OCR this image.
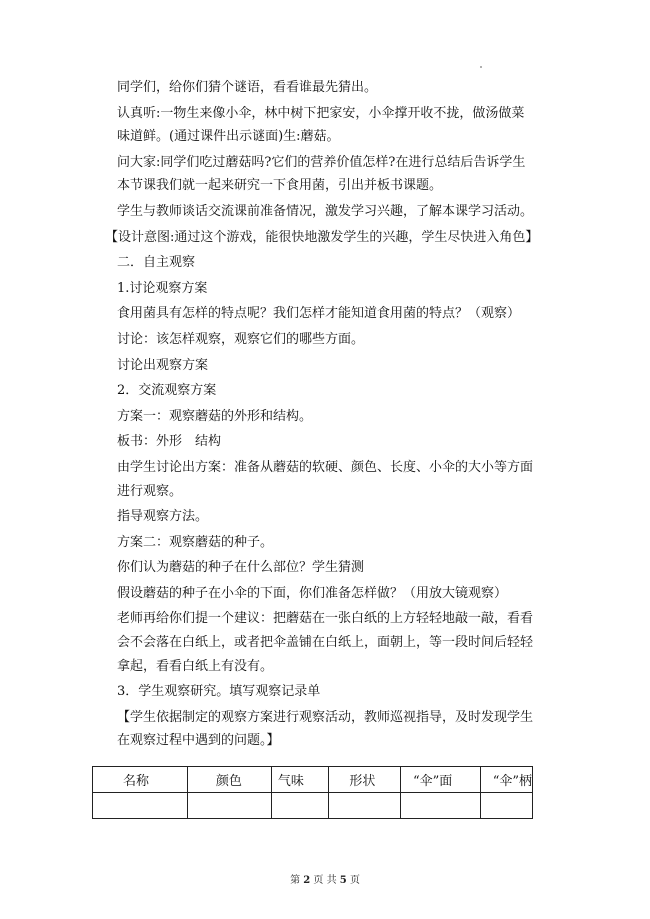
同学们，给你们猜个谜语，看看谁最先猜出。

认真听:一物生来像小伞，林中树下把家安，小伞撑开收不拢，做汤做菜味道鲜。(通过课件出示谜面)生:蘑菇。

问大家:同学们吃过蘑菇吗?它们的营养价值怎样?在进行总结后告诉学生本节课我们就一起来研究一下食用菌，引出并板书课题。

学生与教师谈话交流课前准备情况，激发学习兴趣，了解本课学习活动。

【设计意图:通过这个游戏，能很快地激发学生的兴趣，学生尽快进入角色】

二．自主观察

1.讨论观察方案

食用菌具有怎样的特点呢？我们怎样才能知道食用菌的特点？（观察）

讨论：该怎样观察，观察它们的哪些方面。

讨论出观察方案

2．交流观察方案

方案一：观察蘑菇的外形和结构。

板书：外形　结构

由学生讨论出方案：准备从蘑菇的软硬、颜色、长度、小伞的大小等方面进行观察。

指导观察方法。

方案二：观察蘑菇的种子。

你们认为蘑菇的种子在什么部位？学生猜测

假设蘑菇的种子在小伞的下面，你们准备怎样做？（用放大镜观察）

老师再给你们提一个建议：把蘑菇在一张白纸的上方轻轻地敲一敲，看看会不会落在白纸上，或者把伞盖铺在白纸上，面朝上，等一段时间后轻轻拿起，看看白纸上有没有。

3．学生观察研究。填写观察记录单

【学生依据制定的观察方案进行观察活动，教师巡视指导，及时发现学生在观察过程中遇到的问题。】

名称	颜色	气味	形状	“伞”面	“伞”柄

第 2 页 共 5 页
